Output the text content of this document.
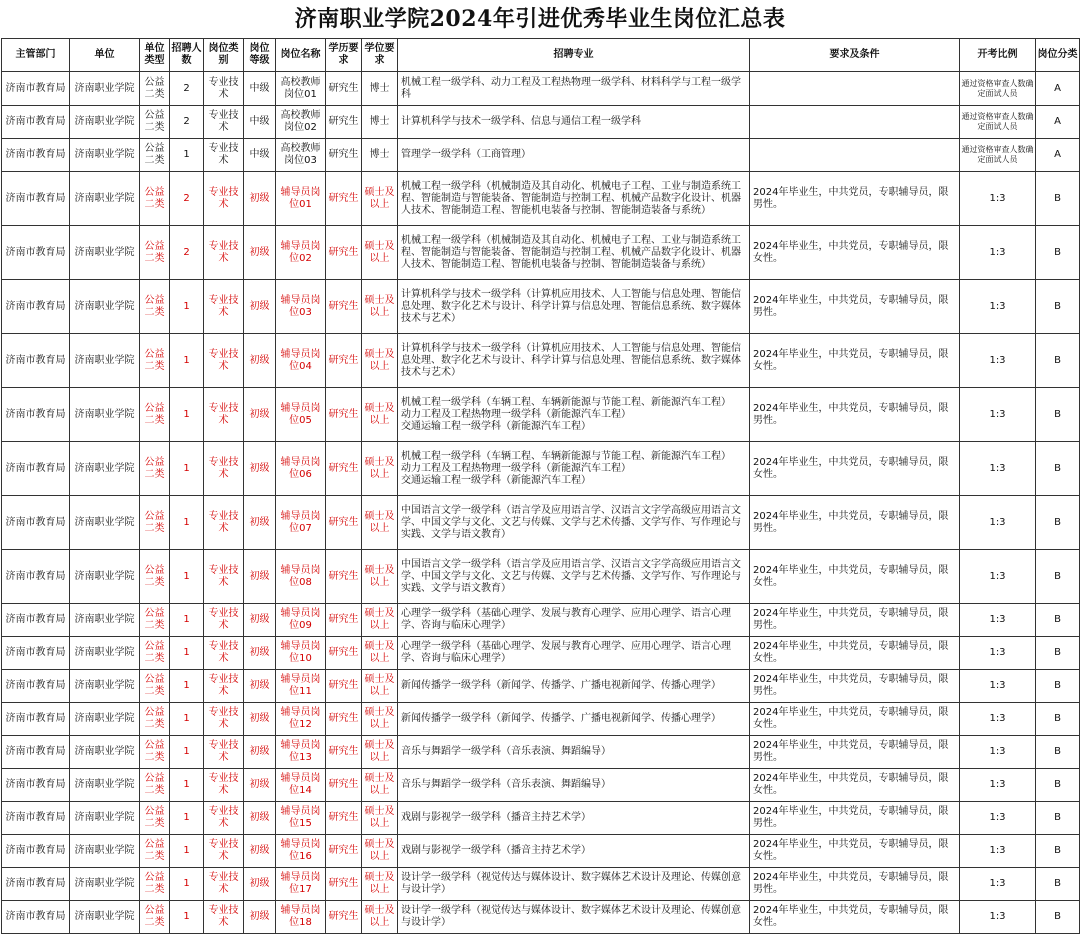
济南职业学院2024年引进优秀毕业生岗位汇总表
主管部门	单位	单位类型	招聘人数	岗位类别	岗位等级	岗位名称	学历要求	学位要求	招聘专业	要求及条件	开考比例	岗位分类
济南市教育局	济南职业学院	公益二类	2	专业技术	中级	高校教师岗位01	研究生	博士	机械工程一级学科、动力工程及工程热物理一级学科、材料科学与工程一级学科		通过资格审查人数确定面试人员	A
济南市教育局	济南职业学院	公益二类	2	专业技术	中级	高校教师岗位02	研究生	博士	计算机科学与技术一级学科、信息与通信工程一级学科		通过资格审查人数确定面试人员	A
济南市教育局	济南职业学院	公益二类	1	专业技术	中级	高校教师岗位03	研究生	博士	管理学一级学科（工商管理）		通过资格审查人数确定面试人员	A
济南市教育局	济南职业学院	公益二类	2	专业技术	初级	辅导员岗位01	研究生	硕士及以上	机械工程一级学科（机械制造及其自动化、机械电子工程、工业与制造系统工程、智能制造与智能装备、智能制造与控制工程、机械产品数字化设计、机器人技术、智能制造工程、智能机电装备与控制、智能制造装备与系统）	2024年毕业生，中共党员，专职辅导员，限男性。	1:3	B
济南市教育局	济南职业学院	公益二类	2	专业技术	初级	辅导员岗位02	研究生	硕士及以上	机械工程一级学科（机械制造及其自动化、机械电子工程、工业与制造系统工程、智能制造与智能装备、智能制造与控制工程、机械产品数字化设计、机器人技术、智能制造工程、智能机电装备与控制、智能制造装备与系统）	2024年毕业生，中共党员，专职辅导员，限女性。	1:3	B
济南市教育局	济南职业学院	公益二类	1	专业技术	初级	辅导员岗位03	研究生	硕士及以上	计算机科学与技术一级学科（计算机应用技术、人工智能与信息处理、智能信息处理、数字化艺术与设计、科学计算与信息处理、智能信息系统、数字媒体技术与艺术）	2024年毕业生，中共党员，专职辅导员，限男性。	1:3	B
济南市教育局	济南职业学院	公益二类	1	专业技术	初级	辅导员岗位04	研究生	硕士及以上	计算机科学与技术一级学科（计算机应用技术、人工智能与信息处理、智能信息处理、数字化艺术与设计、科学计算与信息处理、智能信息系统、数字媒体技术与艺术）	2024年毕业生，中共党员，专职辅导员，限女性。	1:3	B
济南市教育局	济南职业学院	公益二类	1	专业技术	初级	辅导员岗位05	研究生	硕士及以上	机械工程一级学科（车辆工程、车辆新能源与节能工程、新能源汽车工程）
动力工程及工程热物理一级学科（新能源汽车工程）
交通运输工程一级学科（新能源汽车工程）	2024年毕业生，中共党员，专职辅导员，限男性。	1:3	B
济南市教育局	济南职业学院	公益二类	1	专业技术	初级	辅导员岗位06	研究生	硕士及以上	机械工程一级学科（车辆工程、车辆新能源与节能工程、新能源汽车工程）
动力工程及工程热物理一级学科（新能源汽车工程）
交通运输工程一级学科（新能源汽车工程）	2024年毕业生，中共党员，专职辅导员，限女性。	1:3	B
济南市教育局	济南职业学院	公益二类	1	专业技术	初级	辅导员岗位07	研究生	硕士及以上	中国语言文学一级学科（语言学及应用语言学、汉语言文字学高级应用语言文学、中国文学与文化、文艺与传媒、文学与艺术传播、文学写作、写作理论与实践、文学与语文教育）	2024年毕业生，中共党员，专职辅导员，限男性。	1:3	B
济南市教育局	济南职业学院	公益二类	1	专业技术	初级	辅导员岗位08	研究生	硕士及以上	中国语言文学一级学科（语言学及应用语言学、汉语言文字学高级应用语言文学、中国文学与文化、文艺与传媒、文学与艺术传播、文学写作、写作理论与实践、文学与语文教育）	2024年毕业生，中共党员，专职辅导员，限女性。	1:3	B
济南市教育局	济南职业学院	公益二类	1	专业技术	初级	辅导员岗位09	研究生	硕士及以上	心理学一级学科（基础心理学、发展与教育心理学、应用心理学、语言心理学、咨询与临床心理学）	2024年毕业生，中共党员，专职辅导员，限男性。	1:3	B
济南市教育局	济南职业学院	公益二类	1	专业技术	初级	辅导员岗位10	研究生	硕士及以上	心理学一级学科（基础心理学、发展与教育心理学、应用心理学、语言心理学、咨询与临床心理学）	2024年毕业生，中共党员，专职辅导员，限女性。	1:3	B
济南市教育局	济南职业学院	公益二类	1	专业技术	初级	辅导员岗位11	研究生	硕士及以上	新闻传播学一级学科（新闻学、传播学、广播电视新闻学、传播心理学）	2024年毕业生，中共党员，专职辅导员，限男性。	1:3	B
济南市教育局	济南职业学院	公益二类	1	专业技术	初级	辅导员岗位12	研究生	硕士及以上	新闻传播学一级学科（新闻学、传播学、广播电视新闻学、传播心理学）	2024年毕业生，中共党员，专职辅导员，限女性。	1:3	B
济南市教育局	济南职业学院	公益二类	1	专业技术	初级	辅导员岗位13	研究生	硕士及以上	音乐与舞蹈学一级学科（音乐表演、舞蹈编导）	2024年毕业生，中共党员，专职辅导员，限男性。	1:3	B
济南市教育局	济南职业学院	公益二类	1	专业技术	初级	辅导员岗位14	研究生	硕士及以上	音乐与舞蹈学一级学科（音乐表演、舞蹈编导）	2024年毕业生，中共党员，专职辅导员，限女性。	1:3	B
济南市教育局	济南职业学院	公益二类	1	专业技术	初级	辅导员岗位15	研究生	硕士及以上	戏剧与影视学一级学科（播音主持艺术学）	2024年毕业生，中共党员，专职辅导员，限男性。	1:3	B
济南市教育局	济南职业学院	公益二类	1	专业技术	初级	辅导员岗位16	研究生	硕士及以上	戏剧与影视学一级学科（播音主持艺术学）	2024年毕业生，中共党员，专职辅导员，限女性。	1:3	B
济南市教育局	济南职业学院	公益二类	1	专业技术	初级	辅导员岗位17	研究生	硕士及以上	设计学一级学科（视觉传达与媒体设计、数字媒体艺术设计及理论、传媒创意与设计学）	2024年毕业生，中共党员，专职辅导员，限男性。	1:3	B
济南市教育局	济南职业学院	公益二类	1	专业技术	初级	辅导员岗位18	研究生	硕士及以上	设计学一级学科（视觉传达与媒体设计、数字媒体艺术设计及理论、传媒创意与设计学）	2024年毕业生，中共党员，专职辅导员，限女性。	1:3	B
